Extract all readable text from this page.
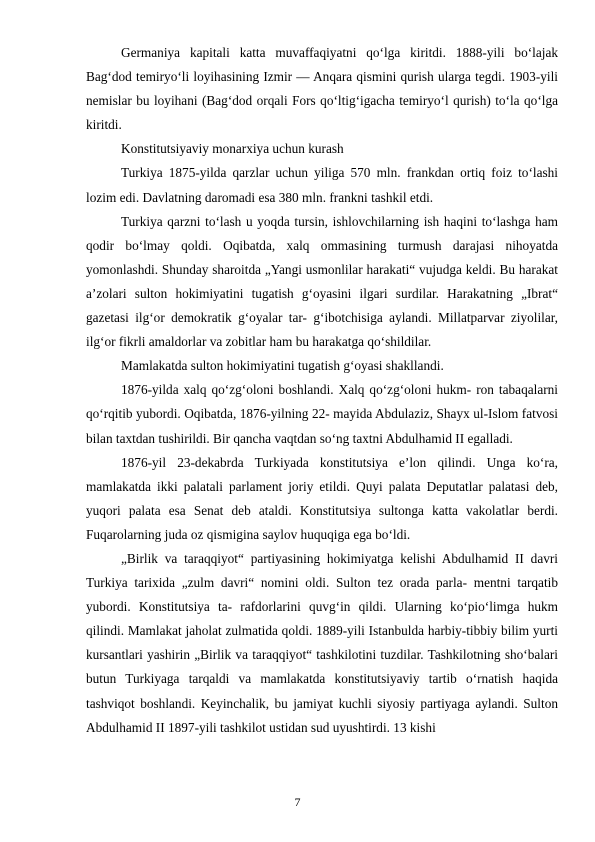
Germaniya kapitali katta muvaffaqiyatni qo‘lga kiritdi. 1888-yili bo‘lajak Bag‘dod temiryo‘li loyihasining Izmir — Anqara qismini qurish ularga tegdi. 1903-yili nemislar bu loyihani (Bag‘dod orqali Fors qo‘ltig‘igacha temiryo‘l qurish) to‘la qo‘lga kiritdi.

Konstitutsiyaviy monarxiya uchun kurash

Turkiya 1875-yilda qarzlar uchun yiliga 570 mln. frankdan ortiq foiz to‘lashi lozim edi. Davlatning daromadi esa 380 mln. frankni tashkil etdi.

Turkiya qarzni to‘lash u yoqda tursin, ishlovchilarning ish haqini to‘lashga ham qodir bo‘lmay qoldi. Oqibatda, xalq ommasining turmush darajasi nihoyatda yomonlashdi. Shunday sharoitda „Yangi usmonlilar harakati“ vujudga keldi. Bu harakat a’zolari sulton hokimiyatini tugatish g‘oyasini ilgari surdilar. Harakatning „Ibrat“ gazetasi ilg‘or demokratik g‘oyalar tar- g‘ibotchisiga aylandi. Millatparvar ziyolilar, ilg‘or fikrli amaldorlar va zobitlar ham bu harakatga qo‘shildilar.

Mamlakatda sulton hokimiyatini tugatish g‘oyasi shakllandi.

1876-yilda xalq qo‘zg‘oloni boshlandi. Xalq qo‘zg‘oloni hukm- ron tabaqalarni qo‘rqitib yubordi. Oqibatda, 1876-yilning 22- mayida Abdulaziz, Shayx ul-Islom fatvosi bilan taxtdan tushirildi. Bir qancha vaqtdan so‘ng taxtni Abdulhamid II egalladi.

1876-yil 23-dekabrda Turkiyada konstitutsiya e’lon qilindi. Unga ko‘ra, mamlakatda ikki palatali parlament joriy etildi. Quyi palata Deputatlar palatasi deb, yuqori palata esa Senat deb ataldi. Konstitutsiya sultonga katta vakolatlar berdi. Fuqarolarning juda oz qismigina saylov huquqiga ega bo‘ldi.

„Birlik va taraqqiyot“ partiyasining hokimiyatga kelishi Abdulhamid II davri Turkiya tarixida „zulm davri“ nomini oldi. Sulton tez orada parla- mentni tarqatib yubordi. Konstitutsiya ta- rafdorlarini quvg‘in qildi. Ularning ko‘pio‘limga hukm qilindi. Mamlakat jaholat zulmatida qoldi. 1889-yili Istanbulda harbiy-tibbiy bilim yurti kursantlari yashirin „Birlik va taraqqiyot“ tashkilotini tuzdilar. Tashkilotning sho‘balari butun Turkiyaga tarqaldi va mamlakatda konstitutsiyaviy tartib o‘rnatish haqida tashviqot boshlandi. Keyinchalik, bu jamiyat kuchli siyosiy partiyaga aylandi. Sulton Abdulhamid II 1897-yili tashkilot ustidan sud uyushtirdi. 13 kishi

7
